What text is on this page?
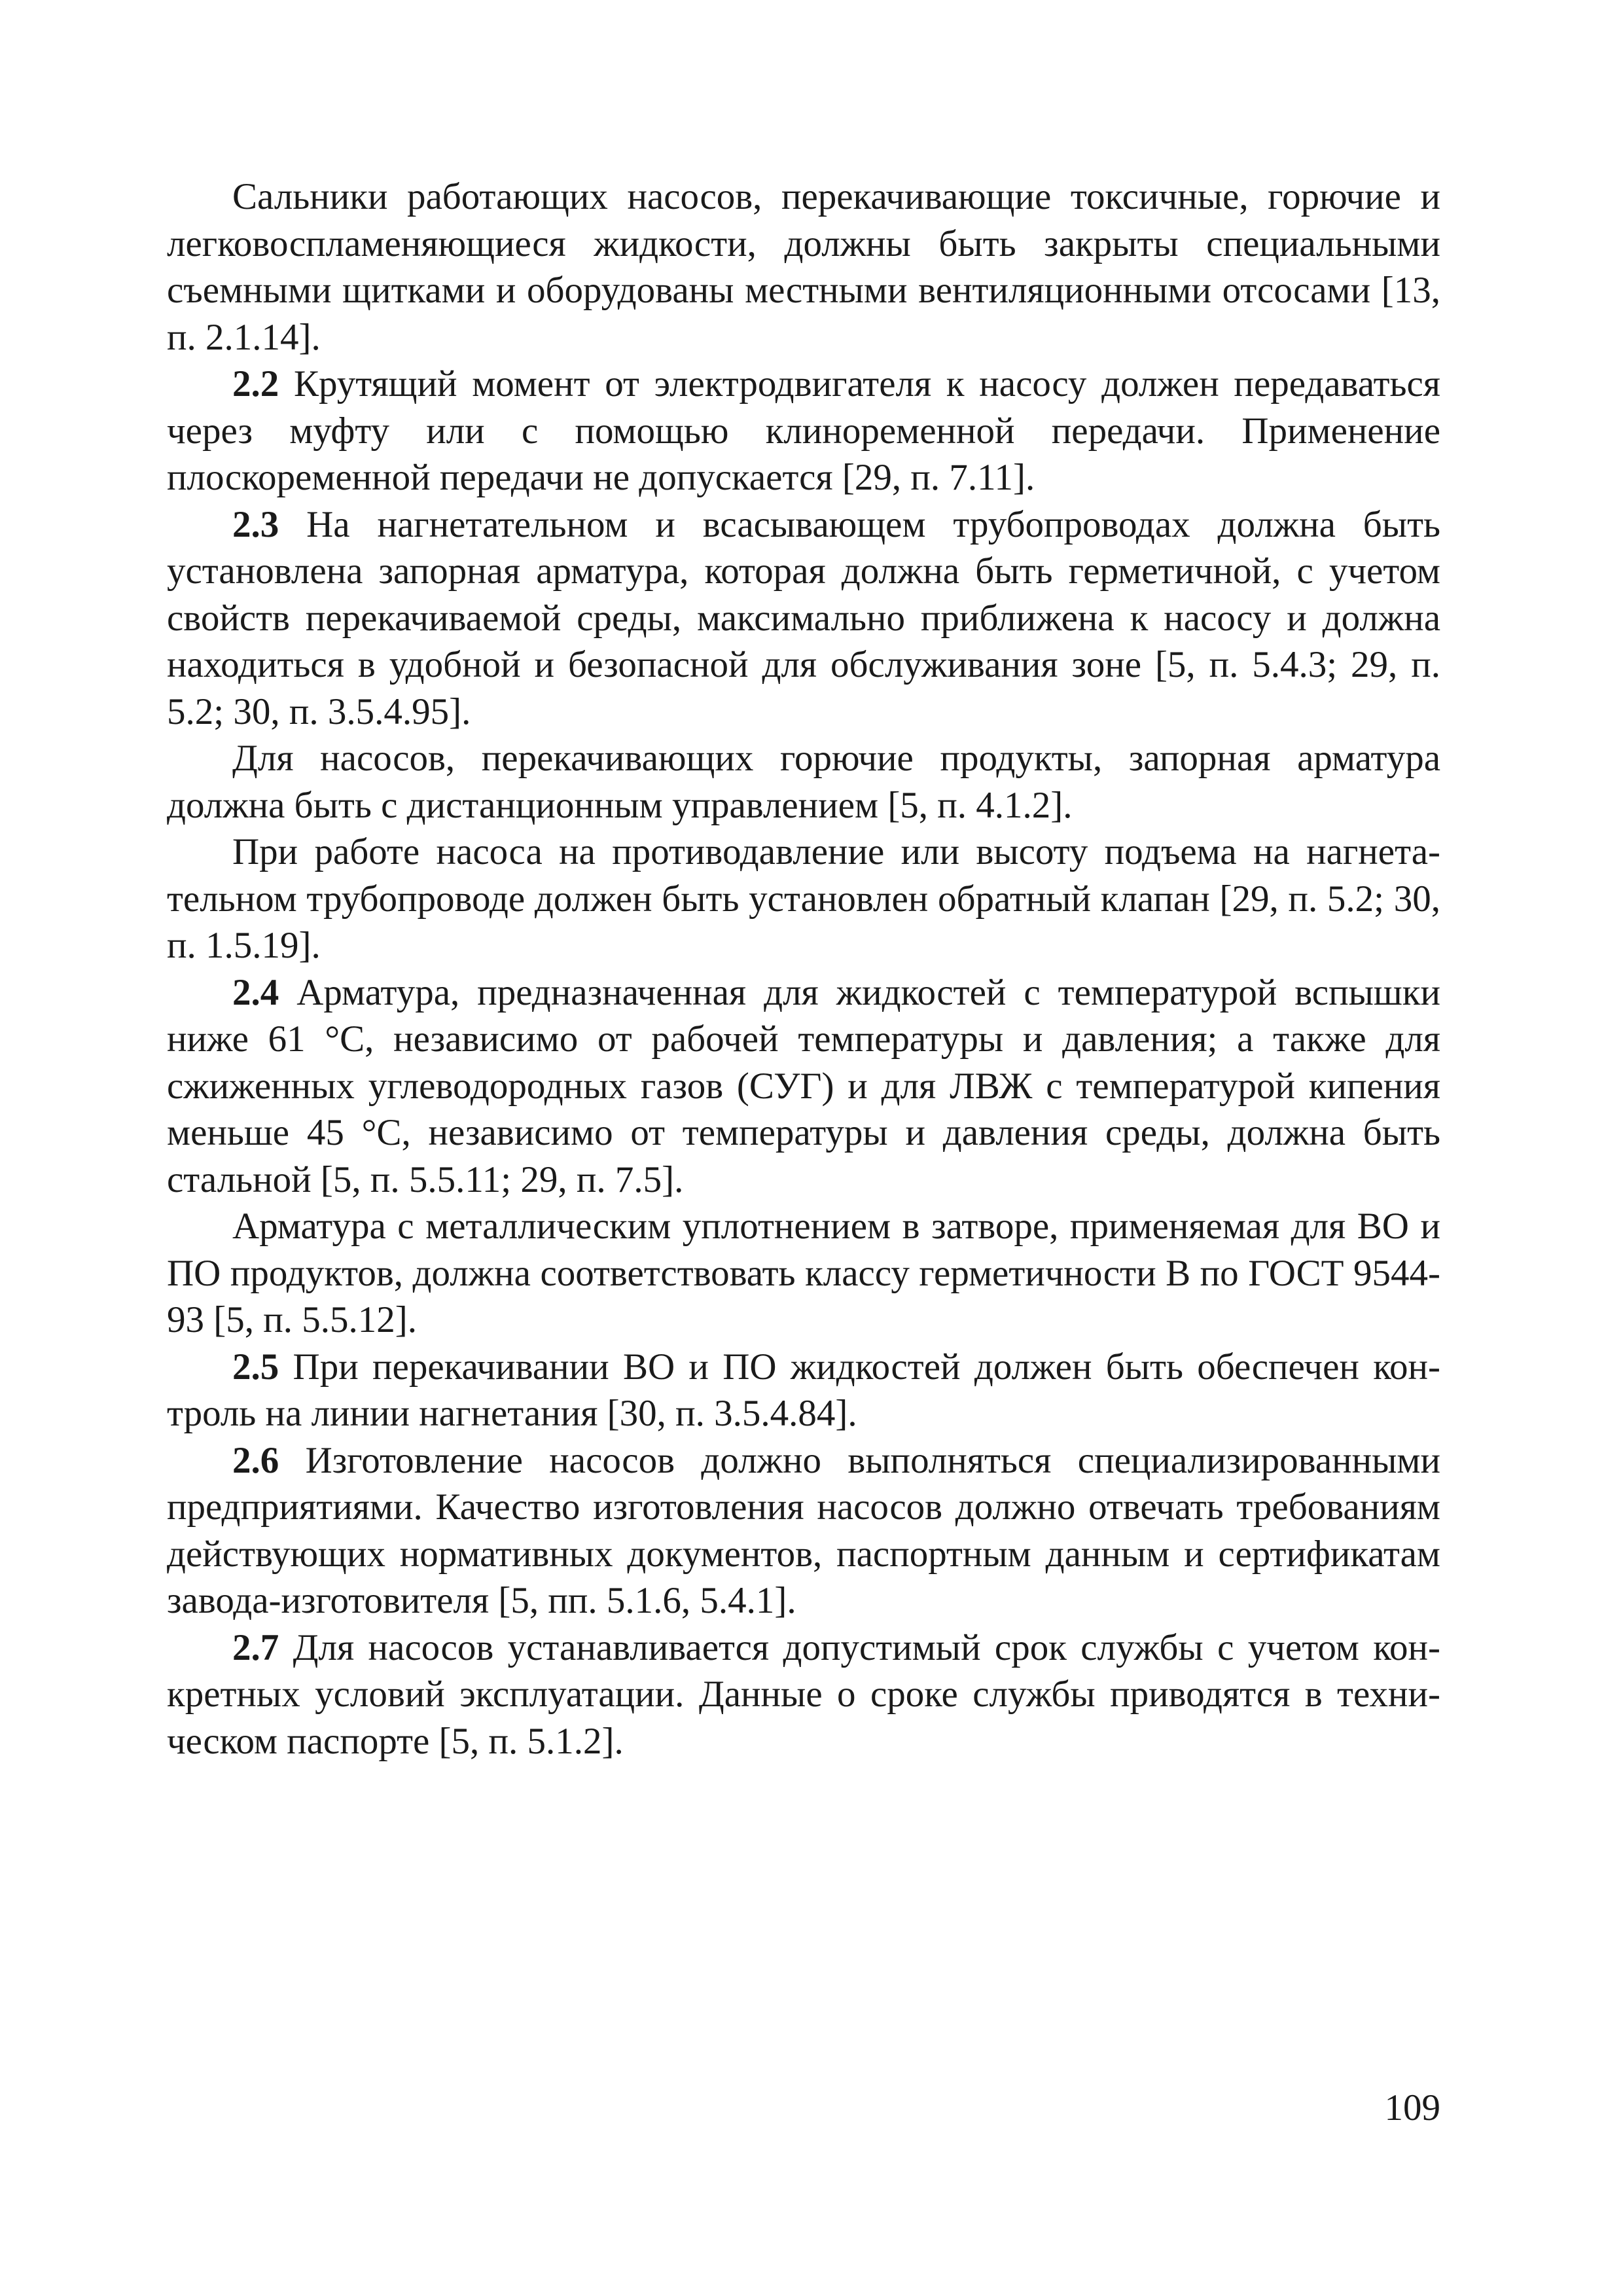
Сальники работающих насосов, перекачивающие токсичные, горючие и легковоспламеняющиеся жидкости, должны быть закрыты специальными съемными щитками и оборудованы местными вентиляционными отсосами [13, п. 2.1.14].

2.2 Крутящий момент от электродвигателя к насосу должен передаваться через муфту или с помощью клиноременной передачи. Применение плоскоременной передачи не допускается [29, п. 7.11].

2.3 На нагнетательном и всасывающем трубопроводах должна быть установлена запорная арматура, которая должна быть герметичной, с учетом свойств перекачиваемой среды, максимально приближена к насосу и должна находиться в удобной и безопасной для обслуживания зоне [5, п. 5.4.3; 29, п. 5.2; 30, п. 3.5.4.95].

Для насосов, перекачивающих горючие продукты, запорная арматура должна быть с дистанционным управлением [5, п. 4.1.2].

При работе насоса на противодавление или высоту подъема на нагнетательном трубопроводе должен быть установлен обратный клапан [29, п. 5.2; 30, п. 1.5.19].

2.4 Арматура, предназначенная для жидкостей с температурой вспышки ниже 61 °С, независимо от рабочей температуры и давления; а также для сжиженных углеводородных газов (СУГ) и для ЛВЖ с температурой кипения меньше 45 °С, независимо от температуры и давления среды, должна быть стальной [5, п. 5.5.11; 29, п. 7.5].

Арматура с металлическим уплотнением в затворе, применяемая для ВО и ПО продуктов, должна соответствовать классу герметичности В по ГОСТ 9544-93 [5, п. 5.5.12].

2.5 При перекачивании ВО и ПО жидкостей должен быть обеспечен контроль на линии нагнетания [30, п. 3.5.4.84].

2.6 Изготовление насосов должно выполняться специализированными предприятиями. Качество изготовления насосов должно отвечать требованиям действующих нормативных документов, паспортным данным и сертификатам завода-изготовителя [5, пп. 5.1.6, 5.4.1].

2.7 Для насосов устанавливается допустимый срок службы с учетом конкретных условий эксплуатации. Данные о сроке службы приводятся в техническом паспорте [5, п. 5.1.2].

109
